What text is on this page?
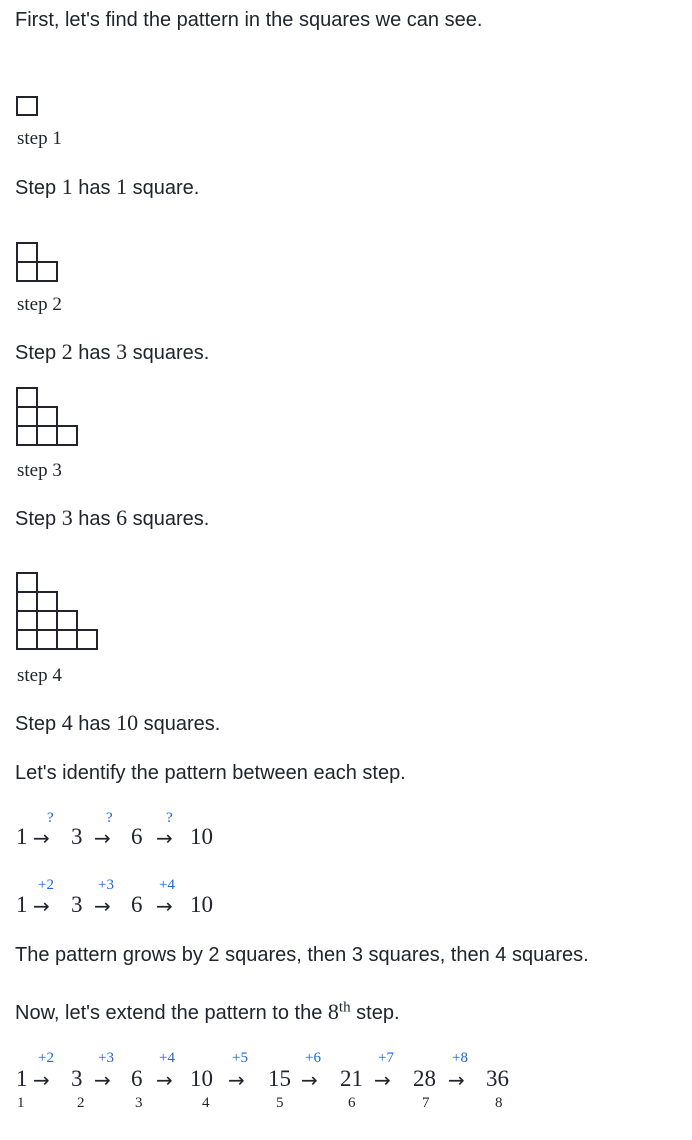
First, let's find the pattern in the squares we can see.
step 1
Step 1 has 1 square.
step 2
Step 2 has 3 squares.
step 3
Step 3 has 6 squares.
step 4
Step 4 has 10 squares.
Let's identify the pattern between each step.
1 →
?
3 →
?
6 →
?
10
1 →
+2
3 →
+3
6 →
+4
10
The pattern grows by 2 squares, then 3 squares, then 4 squares.
Now, let's extend the pattern to the 8th step.
1
1
→
+2
3
2
→
+3
6
3
→
+4
10
4
→
+5
15
5
→
+6
21
6
→
+7
28
7
→
+8
36
8
